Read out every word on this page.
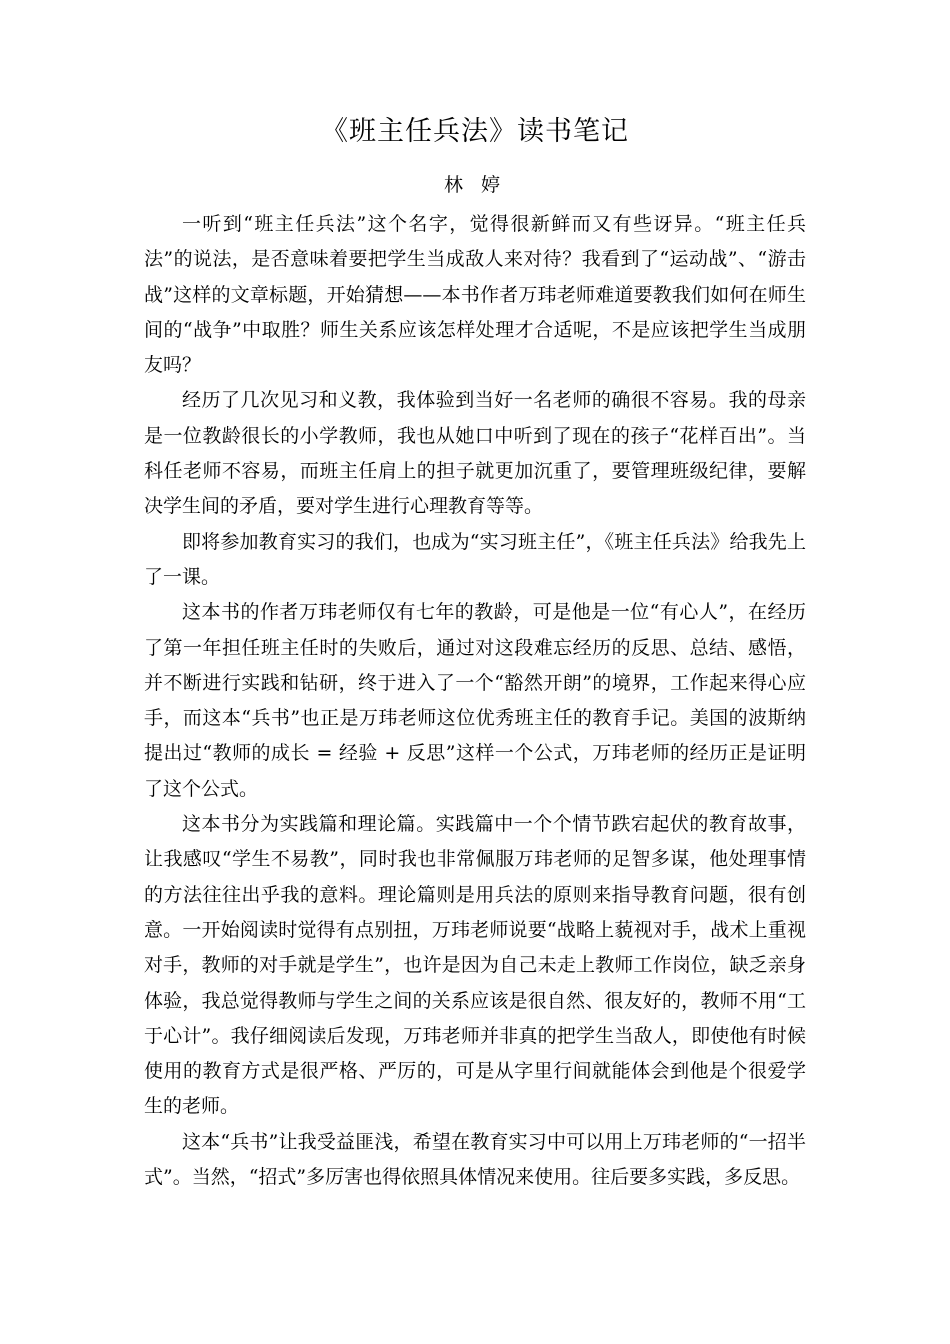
《班主任兵法》读书笔记
林 婷

一听到“班主任兵法”这个名字，觉得很新鲜而又有些讶异。“班主任兵法”的说法，是否意味着要把学生当成敌人来对待？我看到了“运动战”、“游击战”这样的文章标题，开始猜想——本书作者万玮老师难道要教我们如何在师生间的“战争”中取胜？师生关系应该怎样处理才合适呢，不是应该把学生当成朋友吗？

经历了几次见习和义教，我体验到当好一名老师的确很不容易。我的母亲是一位教龄很长的小学教师，我也从她口中听到了现在的孩子“花样百出”。当科任老师不容易，而班主任肩上的担子就更加沉重了，要管理班级纪律，要解决学生间的矛盾，要对学生进行心理教育等等。

即将参加教育实习的我们，也成为“实习班主任”，《班主任兵法》给我先上了一课。

这本书的作者万玮老师仅有七年的教龄，可是他是一位“有心人”，在经历了第一年担任班主任时的失败后，通过对这段难忘经历的反思、总结、感悟，并不断进行实践和钻研，终于进入了一个“豁然开朗”的境界，工作起来得心应手，而这本“兵书”也正是万玮老师这位优秀班主任的教育手记。美国的波斯纳提出过“教师的成长 = 经验 + 反思”这样一个公式，万玮老师的经历正是证明了这个公式。

这本书分为实践篇和理论篇。实践篇中一个个情节跌宕起伏的教育故事，让我感叹“学生不易教”，同时我也非常佩服万玮老师的足智多谋，他处理事情的方法往往出乎我的意料。理论篇则是用兵法的原则来指导教育问题，很有创意。一开始阅读时觉得有点别扭，万玮老师说要“战略上藐视对手，战术上重视对手，教师的对手就是学生”，也许是因为自己未走上教师工作岗位，缺乏亲身体验，我总觉得教师与学生之间的关系应该是很自然、很友好的，教师不用“工于心计”。我仔细阅读后发现，万玮老师并非真的把学生当敌人，即使他有时候使用的教育方式是很严格、严厉的，可是从字里行间就能体会到他是个很爱学生的老师。

这本“兵书”让我受益匪浅，希望在教育实习中可以用上万玮老师的“一招半式”。当然，“招式”多厉害也得依照具体情况来使用。往后要多实践，多反思。
